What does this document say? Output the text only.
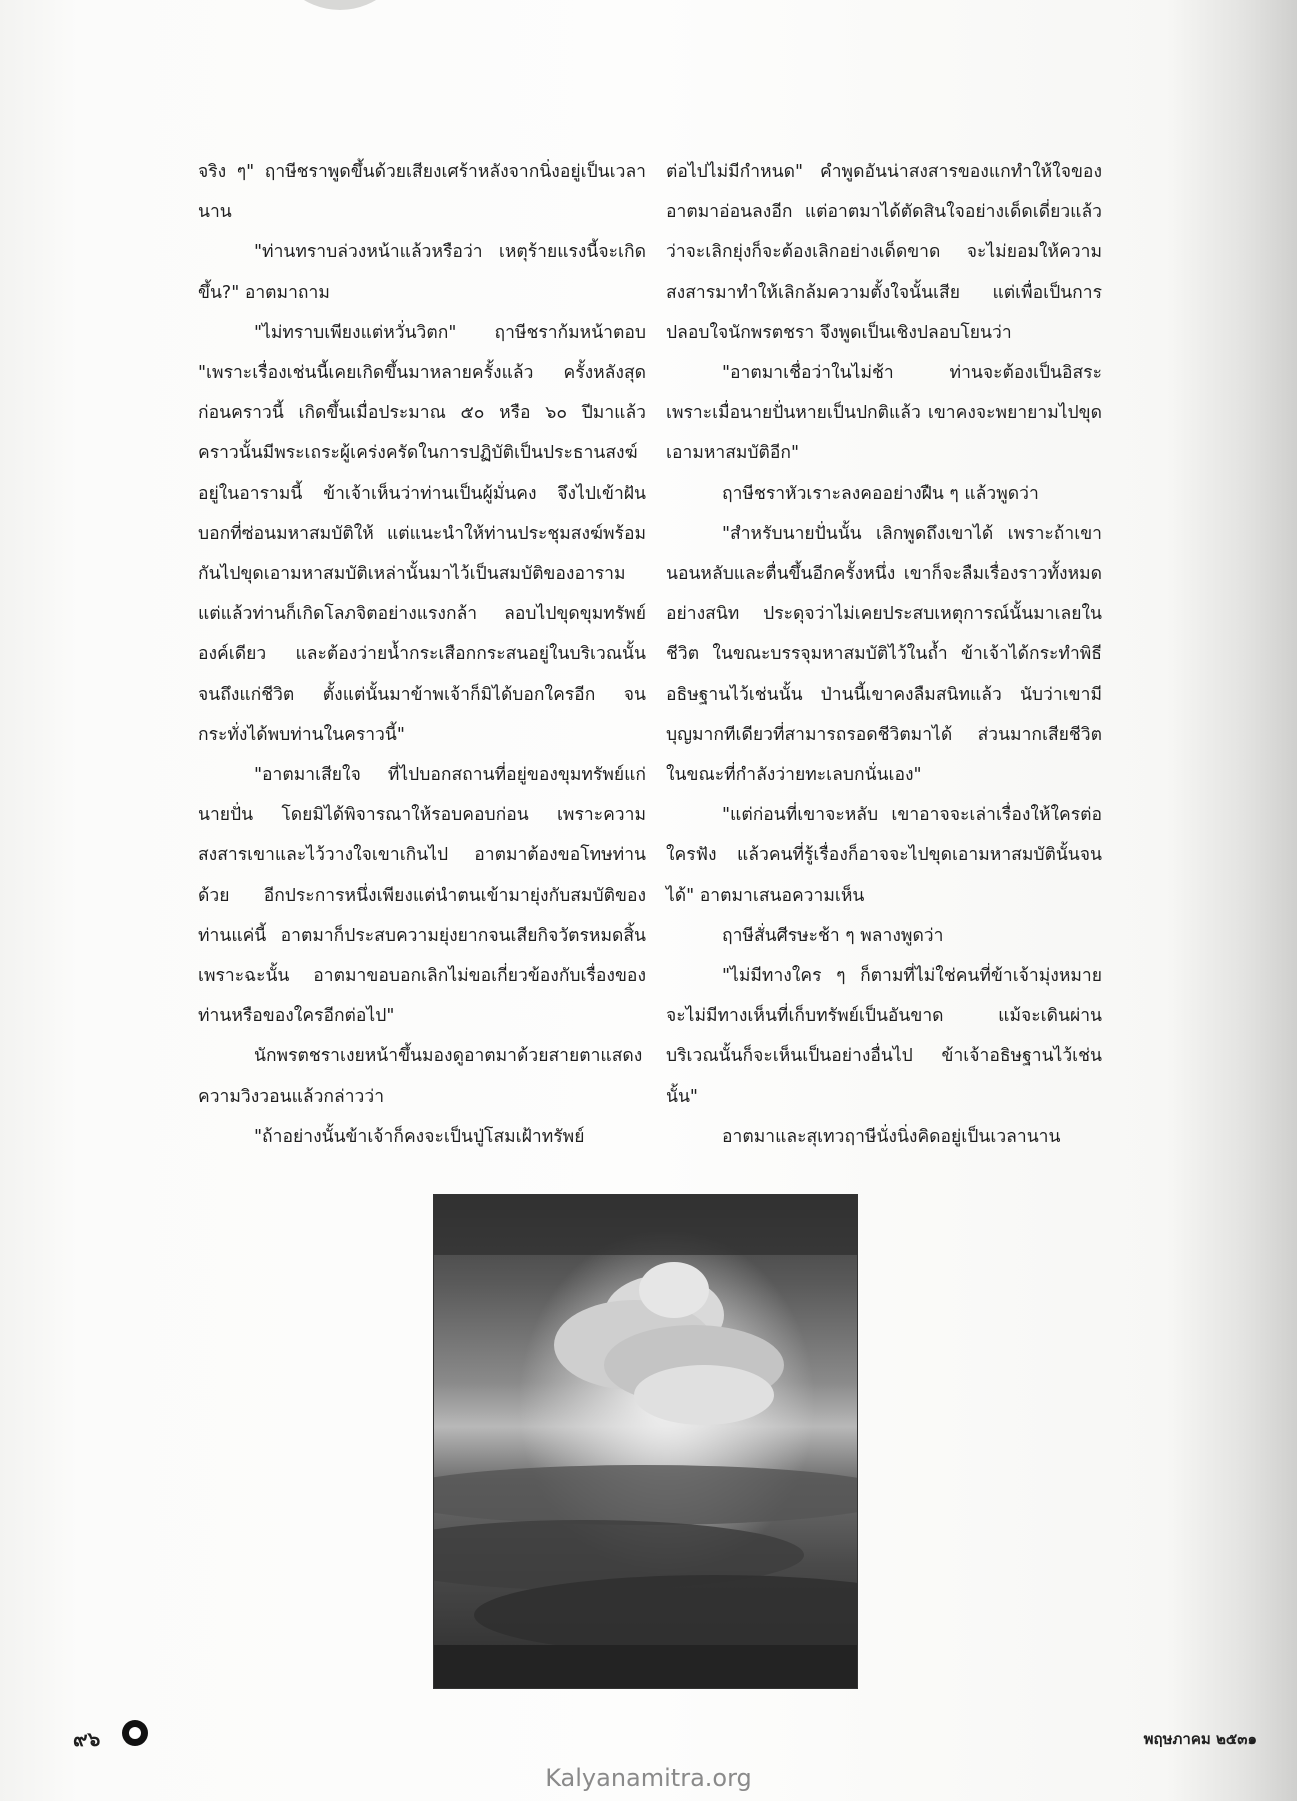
จริง ๆ" ฤาษีชราพูดขึ้นด้วยเสียงเศร้าหลังจากนิ่งอยู่เป็นเวลานาน

"ท่านทราบล่วงหน้าแล้วหรือว่า เหตุร้ายแรงนี้จะเกิดขึ้น?" อาตมาถาม

"ไม่ทราบเพียงแต่หวั่นวิตก" ฤาษีชราก้มหน้าตอบ "เพราะเรื่องเช่นนี้เคยเกิดขึ้นมาหลายครั้งแล้ว ครั้งหลังสุดก่อนคราวนี้ เกิดขึ้นเมื่อประมาณ ๕๐ หรือ ๖๐ ปีมาแล้ว คราวนั้นมีพระเถระผู้เคร่งครัดในการปฏิบัติเป็นประธานสงฆ์อยู่ในอารามนี้ ข้าเจ้าเห็นว่าท่านเป็นผู้มั่นคง จึงไปเข้าฝันบอกที่ซ่อนมหาสมบัติให้ แต่แนะนำให้ท่านประชุมสงฆ์พร้อมกันไปขุดเอามหาสมบัติเหล่านั้นมาไว้เป็นสมบัติของอาราม แต่แล้วท่านก็เกิดโลภจิตอย่างแรงกล้า ลอบไปขุดขุมทรัพย์องค์เดียว และต้องว่ายน้ำกระเสือกกระสนอยู่ในบริเวณนั้นจนถึงแก่ชีวิต ตั้งแต่นั้นมาข้าพเจ้าก็มิได้บอกใครอีก จนกระทั่งได้พบท่านในคราวนี้"

"อาตมาเสียใจ ที่ไปบอกสถานที่อยู่ของขุมทรัพย์แก่นายปั่น โดยมิได้พิจารณาให้รอบคอบก่อน เพราะความสงสารเขาและไว้วางใจเขาเกินไป อาตมาต้องขอโทษท่านด้วย อีกประการหนึ่งเพียงแต่นำตนเข้ามายุ่งกับสมบัติของท่านแค่นี้ อาตมาก็ประสบความยุ่งยากจนเสียกิจวัตรหมดสิ้น เพราะฉะนั้น อาตมาขอบอกเลิกไม่ขอเกี่ยวข้องกับเรื่องของท่านหรือของใครอีกต่อไป"

นักพรตชราเงยหน้าขึ้นมองดูอาตมาด้วยสายตาแสดงความวิงวอนแล้วกล่าวว่า

"ถ้าอย่างนั้นข้าเจ้าก็คงจะเป็นปู่โสมเฝ้าทรัพย์

ต่อไปไม่มีกำหนด" คำพูดอันน่าสงสารของแกทำให้ใจของอาตมาอ่อนลงอีก แต่อาตมาได้ตัดสินใจอย่างเด็ดเดี่ยวแล้วว่าจะเลิกยุ่งก็จะต้องเลิกอย่างเด็ดขาด จะไม่ยอมให้ความสงสารมาทำให้เลิกล้มความตั้งใจนั้นเสีย แต่เพื่อเป็นการปลอบใจนักพรตชรา จึงพูดเป็นเชิงปลอบโยนว่า

"อาตมาเชื่อว่าในไม่ช้า ท่านจะต้องเป็นอิสระ เพราะเมื่อนายปั่นหายเป็นปกติแล้ว เขาคงจะพยายามไปขุดเอามหาสมบัติอีก"

ฤาษีชราหัวเราะลงคออย่างฝืน ๆ แล้วพูดว่า

"สำหรับนายปั่นนั้น เลิกพูดถึงเขาได้ เพราะถ้าเขานอนหลับและตื่นขึ้นอีกครั้งหนึ่ง เขาก็จะลืมเรื่องราวทั้งหมดอย่างสนิท ประดุจว่าไม่เคยประสบเหตุการณ์นั้นมาเลยในชีวิต ในขณะบรรจุมหาสมบัติไว้ในถ้ำ ข้าเจ้าได้กระทำพิธีอธิษฐานไว้เช่นนั้น ป่านนี้เขาคงลืมสนิทแล้ว นับว่าเขามีบุญมากทีเดียวที่สามารถรอดชีวิตมาได้ ส่วนมากเสียชีวิตในขณะที่กำลังว่ายทะเลบกนั่นเอง"

"แต่ก่อนที่เขาจะหลับ เขาอาจจะเล่าเรื่องให้ใครต่อใครฟัง แล้วคนที่รู้เรื่องก็อาจจะไปขุดเอามหาสมบัตินั้นจนได้" อาตมาเสนอความเห็น

ฤาษีสั่นศีรษะช้า ๆ พลางพูดว่า

"ไม่มีทางใคร ๆ ก็ตามที่ไม่ใช่คนที่ข้าเจ้ามุ่งหมายจะไม่มีทางเห็นที่เก็บทรัพย์เป็นอันขาด แม้จะเดินผ่านบริเวณนั้นก็จะเห็นเป็นอย่างอื่นไป ข้าเจ้าอธิษฐานไว้เช่นนั้น"

อาตมาและสุเทวฤาษีนั่งนิ่งคิดอยู่เป็นเวลานาน

๙๖	พฤษภาคม ๒๕๓๑
Kalyanamitra.org
